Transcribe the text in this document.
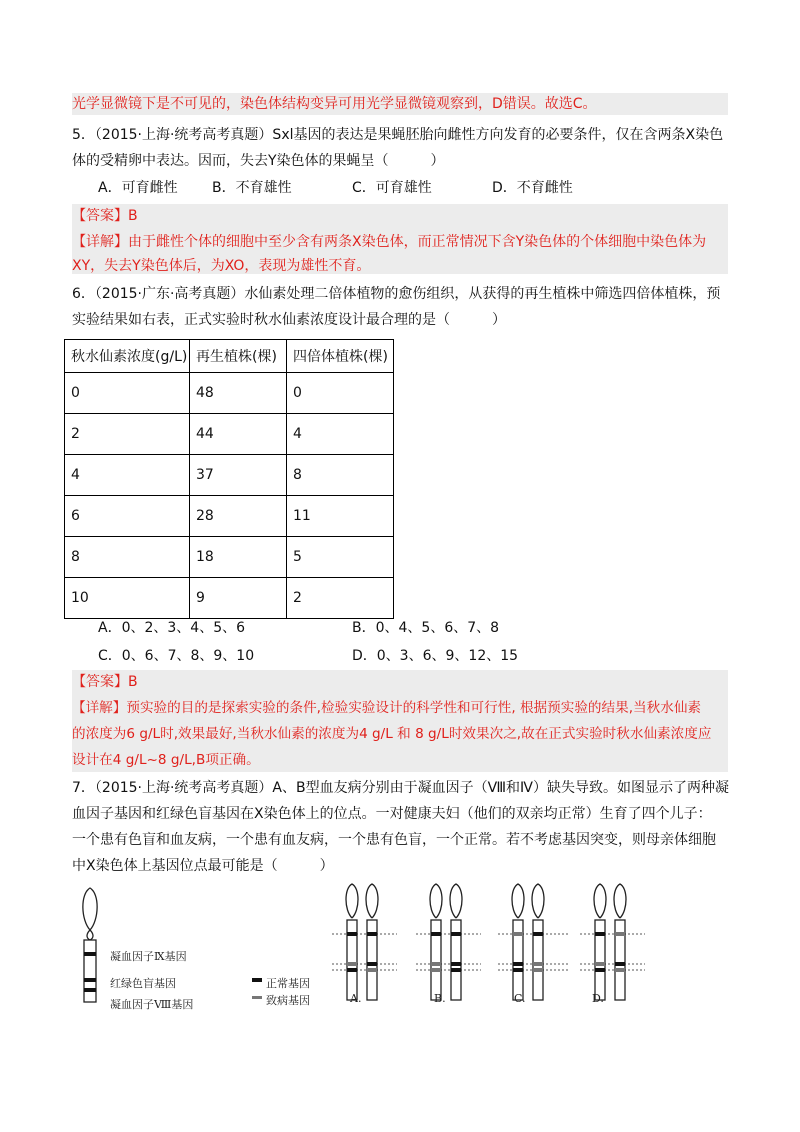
光学显微镜下是不可见的，染色体结构变异可用光学显微镜观察到，D错误。故选C。
5．（2015·上海·统考高考真题）Sxl基因的表达是果蝇胚胎向雌性方向发育的必要条件，仅在含两条X染色
体的受精卵中表达。因而，失去Y染色体的果蝇呈（　　　）
A．可育雌性 B．不育雄性	C．可育雄性	D．不育雌性
【答案】B
【详解】由于雌性个体的细胞中至少含有两条X染色体，而正常情况下含Y染色体的个体细胞中染色体为
XY，失去Y染色体后，为XO，表现为雄性不育。
6．（2015·广东·高考真题）水仙素处理二倍体植物的愈伤组织，从获得的再生植株中筛选四倍体植株，预
实验结果如右表，正式实验时秋水仙素浓度设计最合理的是（　　　）
秋水仙素浓度(g/L)	再生植株(棵)	四倍体植株(棵)
0	48	0
2	44	4
4	37	8
6	28	11
8	18	5
10	9	2
A．0、2、3、4、5、6	B．0、4、5、6、7、8
C．0、6、7、8、9、10	D．0、3、6、9、12、15
【答案】B
【详解】预实验的目的是探索实验的条件,检验实验设计的科学性和可行性, 根据预实验的结果,当秋水仙素
的浓度为6 g/L时,效果最好,当秋水仙素的浓度为4 g/L 和 8 g/L时效果次之,故在正式实验时秋水仙素浓度应
设计在4 g/L~8 g/L,B项正确。
7．（2015·上海·统考高考真题）A、B型血友病分别由于凝血因子（Ⅷ和Ⅳ）缺失导致。如图显示了两种凝
血因子基因和红绿色盲基因在X染色体上的位点。一对健康夫妇（他们的双亲均正常）生育了四个儿子：
一个患有色盲和血友病，一个患有血友病，一个患有色盲，一个正常。若不考虑基因突变，则母亲体细胞
中X染色体上基因位点最可能是（　　　）
凝血因子Ⅸ基因
红绿色盲基因
凝血因子Ⅷ基因
正常基因
致病基因	A.	B.	C.	D.
